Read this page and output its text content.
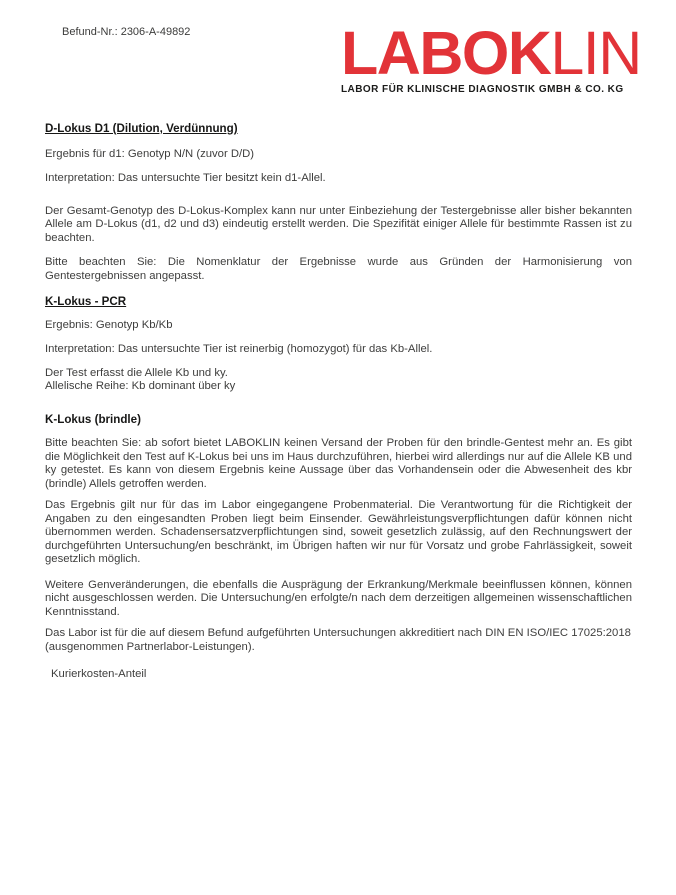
Befund-Nr.: 2306-A-49892 LABOKLIN
LABOR FÜR KLINISCHE DIAGNOSTIK GMBH & CO. KG
D-Lokus D1 (Dilution, Verdünnung)
Ergebnis für d1: Genotyp N/N (zuvor D/D)
Interpretation: Das untersuchte Tier besitzt kein d1-Allel.
Der Gesamt-Genotyp des D-Lokus-Komplex kann nur unter Einbeziehung der Testergebnisse aller bisher bekannten Allele am D-Lokus (d1, d2 und d3) eindeutig erstellt werden. Die Spezifität einiger Allele für bestimmte Rassen ist zu beachten.
Bitte beachten Sie: Die Nomenklatur der Ergebnisse wurde aus Gründen der Harmonisierung von Gentestergebnissen angepasst.
K-Lokus - PCR
Ergebnis: Genotyp Kb/Kb
Interpretation: Das untersuchte Tier ist reinerbig (homozygot) für das Kb-Allel.
Der Test erfasst die Allele Kb und ky.
Allelische Reihe: Kb dominant über ky
K-Lokus (brindle)
Bitte beachten Sie: ab sofort bietet LABOKLIN keinen Versand der Proben für den brindle-Gentest mehr an. Es gibt die Möglichkeit den Test auf K-Lokus bei uns im Haus durchzuführen, hierbei wird allerdings nur auf die Allele KB und ky getestet. Es kann von diesem Ergebnis keine Aussage über das Vorhandensein oder die Abwesenheit des kbr (brindle) Allels getroffen werden.
Das Ergebnis gilt nur für das im Labor eingegangene Probenmaterial. Die Verantwortung für die Richtigkeit der Angaben zu den eingesandten Proben liegt beim Einsender. Gewährleistungsverpflichtungen dafür können nicht übernommen werden. Schadensersatzverpflichtungen sind, soweit gesetzlich zulässig, auf den Rechnungswert der durchgeführten Untersuchung/en beschränkt, im Übrigen haften wir nur für Vorsatz und grobe Fahrlässigkeit, soweit gesetzlich möglich.
Weitere Genveränderungen, die ebenfalls die Ausprägung der Erkrankung/Merkmale beeinflussen können, können nicht ausgeschlossen werden. Die Untersuchung/en erfolgte/n nach dem derzeitigen allgemeinen wissenschaftlichen Kenntnisstand.
Das Labor ist für die auf diesem Befund aufgeführten Untersuchungen akkreditiert nach DIN EN ISO/IEC 17025:2018
(ausgenommen Partnerlabor-Leistungen).
Kurierkosten-Anteil
